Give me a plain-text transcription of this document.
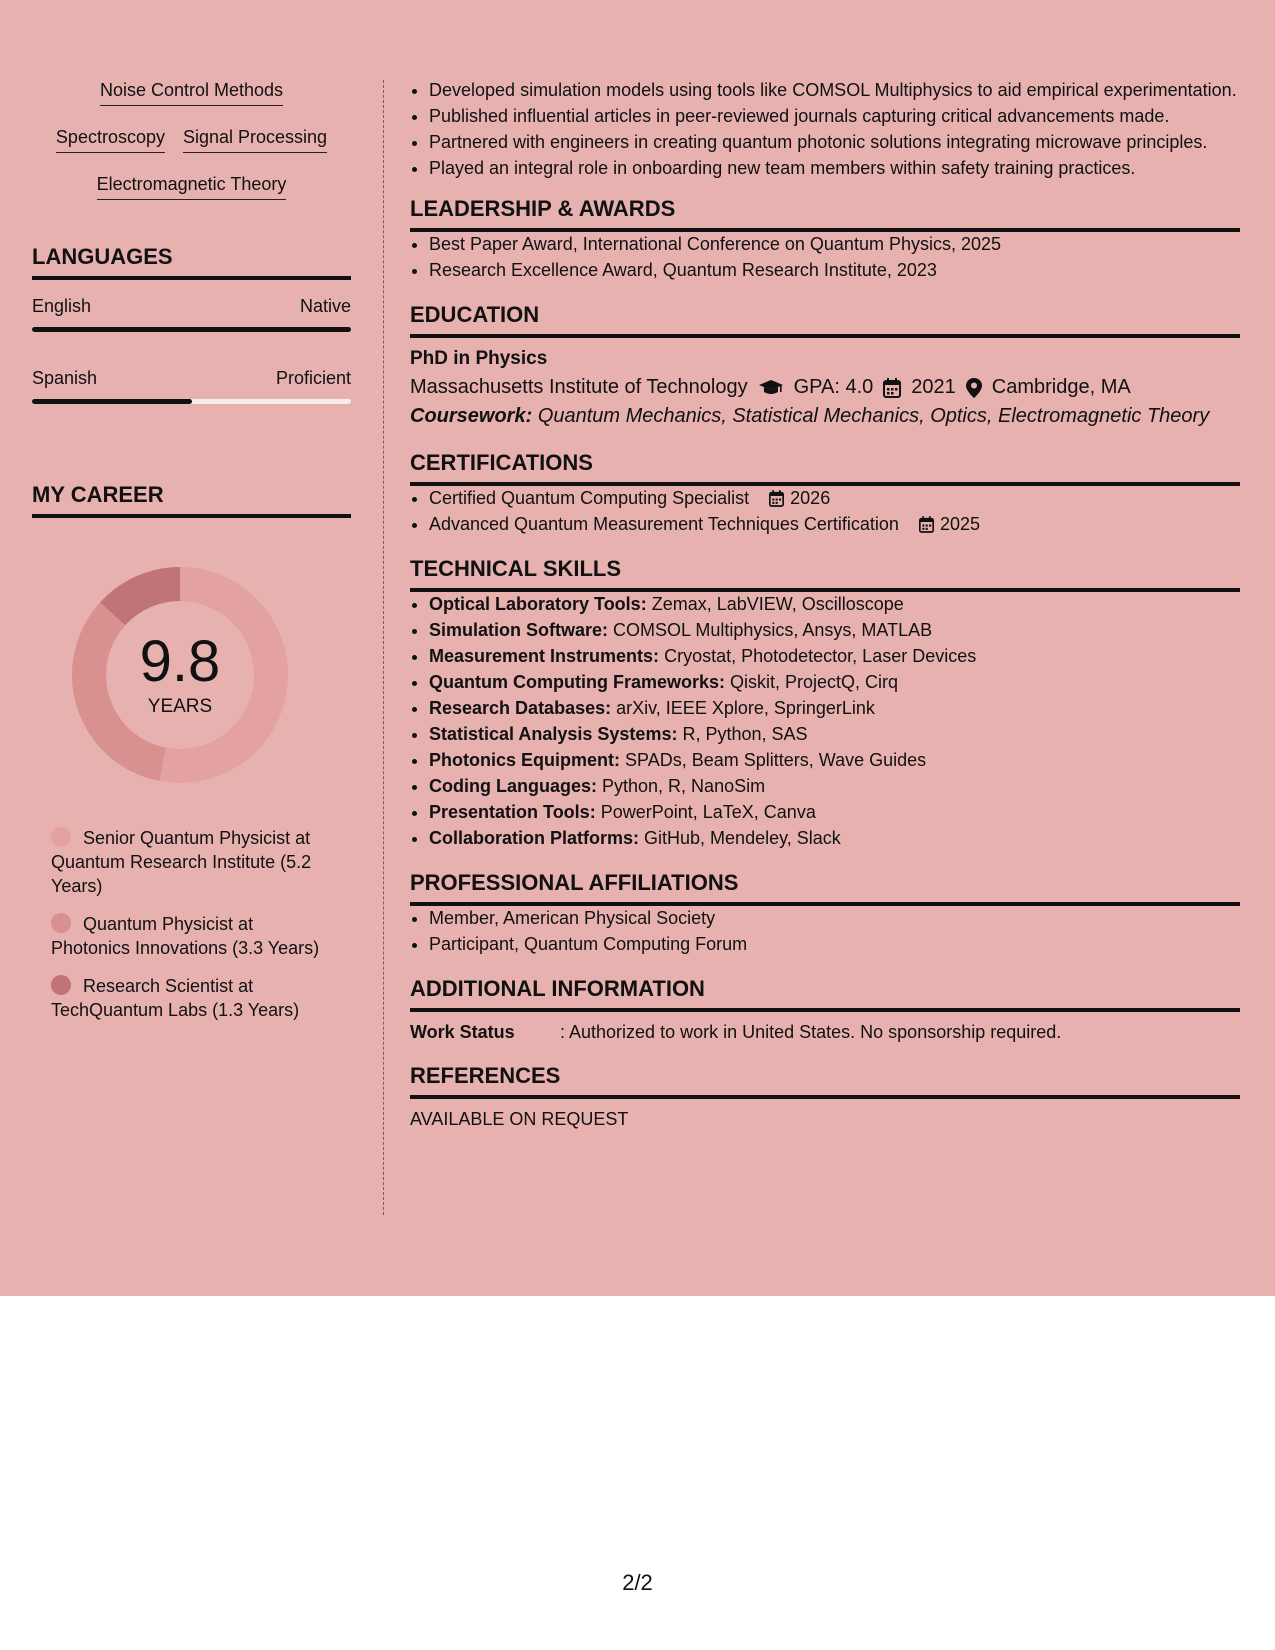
Noise Control Methods
Spectroscopy Signal Processing
Electromagnetic Theory
LANGUAGES
English	Native
Spanish	Proficient
MY CAREER
9.8
YEARS
Senior Quantum Physicist at Quantum Research Institute (5.2 Years)
Quantum Physicist at Photonics Innovations (3.3 Years)
Research Scientist at TechQuantum Labs (1.3 Years)
• Developed simulation models using tools like COMSOL Multiphysics to aid empirical experimentation.
• Published influential articles in peer-reviewed journals capturing critical advancements made.
• Partnered with engineers in creating quantum photonic solutions integrating microwave principles.
• Played an integral role in onboarding new team members within safety training practices.
LEADERSHIP & AWARDS
• Best Paper Award, International Conference on Quantum Physics, 2025
• Research Excellence Award, Quantum Research Institute, 2023
EDUCATION
PhD in Physics
Massachusetts Institute of Technology GPA: 4.0 2021 Cambridge, MA
Coursework: Quantum Mechanics, Statistical Mechanics, Optics, Electromagnetic Theory
CERTIFICATIONS
• Certified Quantum Computing Specialist 2026
• Advanced Quantum Measurement Techniques Certification 2025
TECHNICAL SKILLS
• Optical Laboratory Tools: Zemax, LabVIEW, Oscilloscope
• Simulation Software: COMSOL Multiphysics, Ansys, MATLAB
• Measurement Instruments: Cryostat, Photodetector, Laser Devices
• Quantum Computing Frameworks: Qiskit, ProjectQ, Cirq
• Research Databases: arXiv, IEEE Xplore, SpringerLink
• Statistical Analysis Systems: R, Python, SAS
• Photonics Equipment: SPADs, Beam Splitters, Wave Guides
• Coding Languages: Python, R, NanoSim
• Presentation Tools: PowerPoint, LaTeX, Canva
• Collaboration Platforms: GitHub, Mendeley, Slack
PROFESSIONAL AFFILIATIONS
• Member, American Physical Society
• Participant, Quantum Computing Forum
ADDITIONAL INFORMATION
Work Status	: Authorized to work in United States. No sponsorship required.
REFERENCES
AVAILABLE ON REQUEST
2/2
